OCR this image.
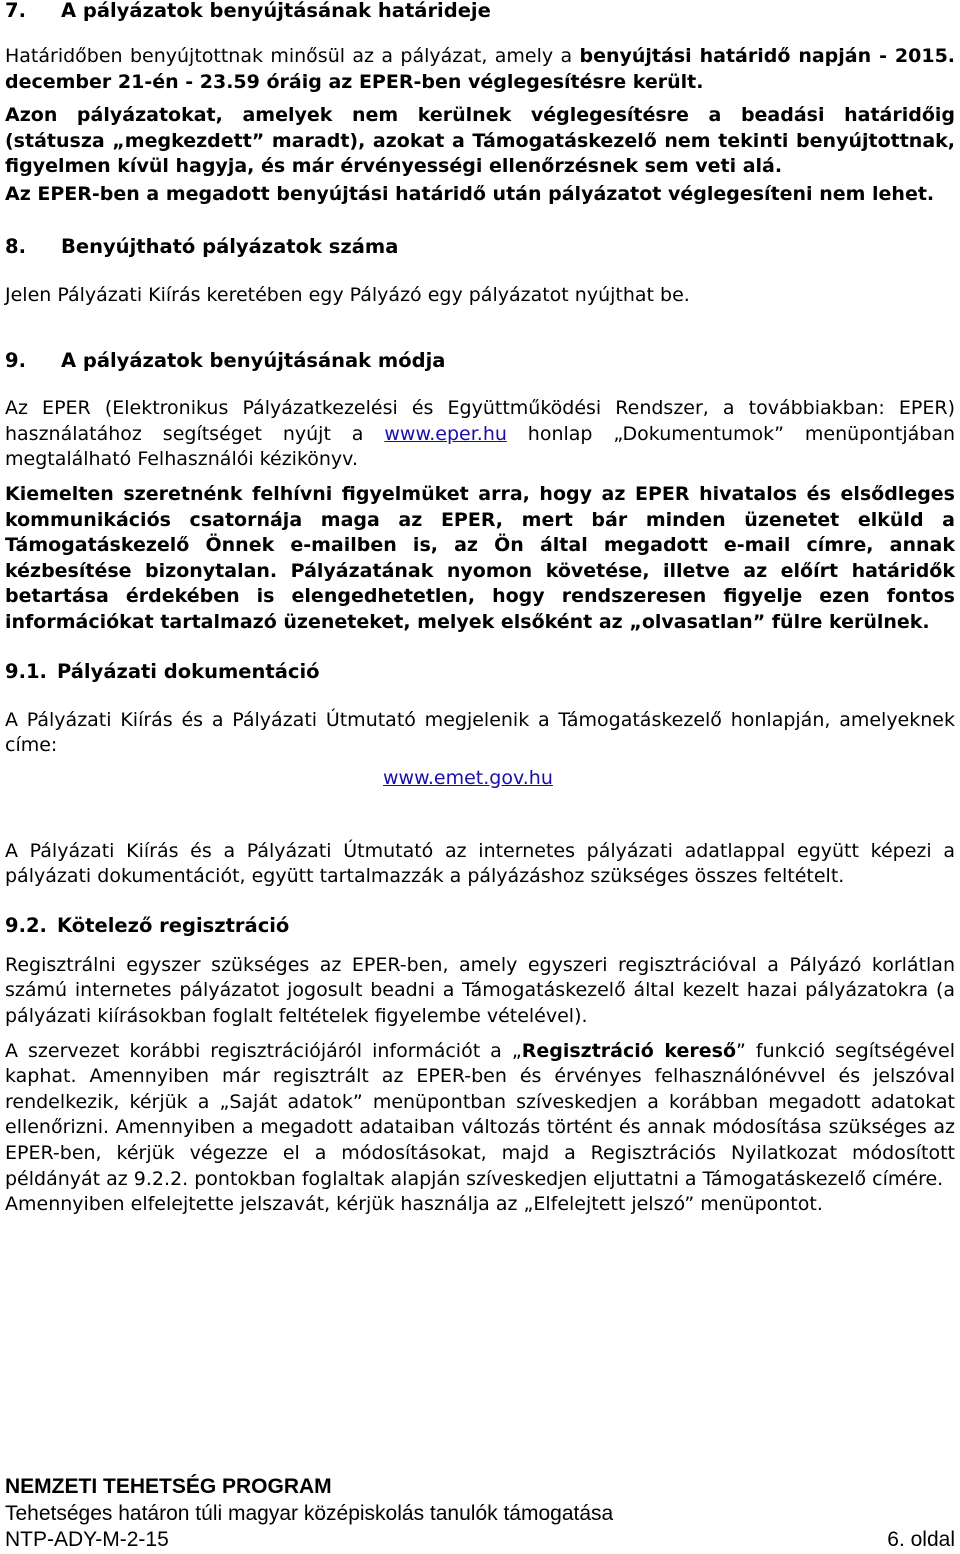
7. A pályázatok benyújtásának határideje

Határidőben benyújtottnak minősül az a pályázat, amely a benyújtási határidő napján - 2015. december 21-én - 23.59 óráig az EPER-ben véglegesítésre került.

Azon pályázatokat, amelyek nem kerülnek véglegesítésre a beadási határidőig (státusza „megkezdett” maradt), azokat a Támogatáskezelő nem tekinti benyújtottnak, figyelmen kívül hagyja, és már érvényességi ellenőrzésnek sem veti alá.

Az EPER-ben a megadott benyújtási határidő után pályázatot véglegesíteni nem lehet.

8. Benyújtható pályázatok száma

Jelen Pályázati Kiírás keretében egy Pályázó egy pályázatot nyújthat be.

9. A pályázatok benyújtásának módja

Az EPER (Elektronikus Pályázatkezelési és Együttműködési Rendszer, a továbbiakban: EPER) használatához segítséget nyújt a www.eper.hu honlap „Dokumentumok” menüpontjában megtalálható Felhasználói kézikönyv.

Kiemelten szeretnénk felhívni figyelmüket arra, hogy az EPER hivatalos és elsődleges kommunikációs csatornája maga az EPER, mert bár minden üzenetet elküld a Támogatáskezelő Önnek e-mailben is, az Ön által megadott e-mail címre, annak kézbesítése bizonytalan. Pályázatának nyomon követése, illetve az előírt határidők betartása érdekében is elengedhetetlen, hogy rendszeresen figyelje ezen fontos információkat tartalmazó üzeneteket, melyek elsőként az „olvasatlan” fülre kerülnek.

9.1. Pályázati dokumentáció

A Pályázati Kiírás és a Pályázati Útmutató megjelenik a Támogatáskezelő honlapján, amelyeknek címe:

www.emet.gov.hu

A Pályázati Kiírás és a Pályázati Útmutató az internetes pályázati adatlappal együtt képezi a pályázati dokumentációt, együtt tartalmazzák a pályázáshoz szükséges összes feltételt.

9.2. Kötelező regisztráció

Regisztrálni egyszer szükséges az EPER-ben, amely egyszeri regisztrációval a Pályázó korlátlan számú internetes pályázatot jogosult beadni a Támogatáskezelő által kezelt hazai pályázatokra (a pályázati kiírásokban foglalt feltételek figyelembe vételével).

A szervezet korábbi regisztrációjáról információt a „Regisztráció kereső” funkció segítségével kaphat. Amennyiben már regisztrált az EPER-ben és érvényes felhasználónévvel és jelszóval rendelkezik, kérjük a „Saját adatok” menüpontban szíveskedjen a korábban megadott adatokat ellenőrizni. Amennyiben a megadott adataiban változás történt és annak módosítása szükséges az EPER-ben, kérjük végezze el a módosításokat, majd a Regisztrációs Nyilatkozat módosított példányát az 9.2.2. pontokban foglaltak alapján szíveskedjen eljuttatni a Támogatáskezelő címére.

Amennyiben elfelejtette jelszavát, kérjük használja az „Elfelejtett jelszó” menüpontot.

NEMZETI TEHETSÉG PROGRAM
Tehetséges határon túli magyar középiskolás tanulók támogatása
NTP-ADY-M-2-15	6. oldal
